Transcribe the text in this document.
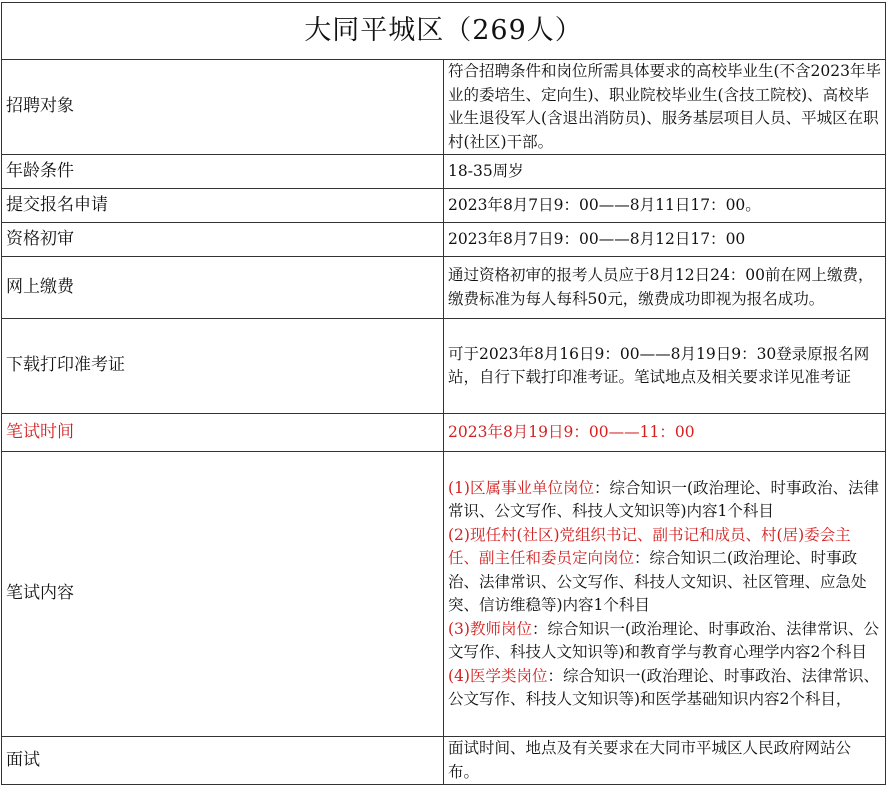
大同平城区（269人）	
招聘对象	符合招聘条件和岗位所需具体要求的高校毕业生(不含2023年毕业的委培生、定向生)、职业院校毕业生(含技工院校)、高校毕业生退役军人(含退出消防员)、服务基层项目人员、平城区在职村(社区)干部。
年龄条件	18-35周岁
提交报名申请	2023年8月7日9：00——8月11日17：00。
资格初审	2023年8月7日9：00——8月12日17：00
网上缴费	通过资格初审的报考人员应于8月12日24：00前在网上缴费，缴费标准为每人每科50元，缴费成功即视为报名成功。
下载打印准考证	可于2023年8月16日9：00——8月19日9：30登录原报名网站，自行下载打印准考证。笔试地点及相关要求详见准考证
笔试时间	2023年8月19日9：00——11：00
笔试内容	(1)区属事业单位岗位：综合知识一(政治理论、时事政治、法律常识、公文写作、科技人文知识等)内容1个科目
(2)现任村(社区)党组织书记、副书记和成员、村(居)委会主任、副主任和委员定向岗位：综合知识二(政治理论、时事政治、法律常识、公文写作、科技人文知识、社区管理、应急处突、信访维稳等)内容1个科目
(3)教师岗位：综合知识一(政治理论、时事政治、法律常识、公文写作、科技人文知识等)和教育学与教育心理学内容2个科目
(4)医学类岗位：综合知识一(政治理论、时事政治、法律常识、公文写作、科技人文知识等)和医学基础知识内容2个科目，

面试	面试时间、地点及有关要求在大同市平城区人民政府网站公布。
